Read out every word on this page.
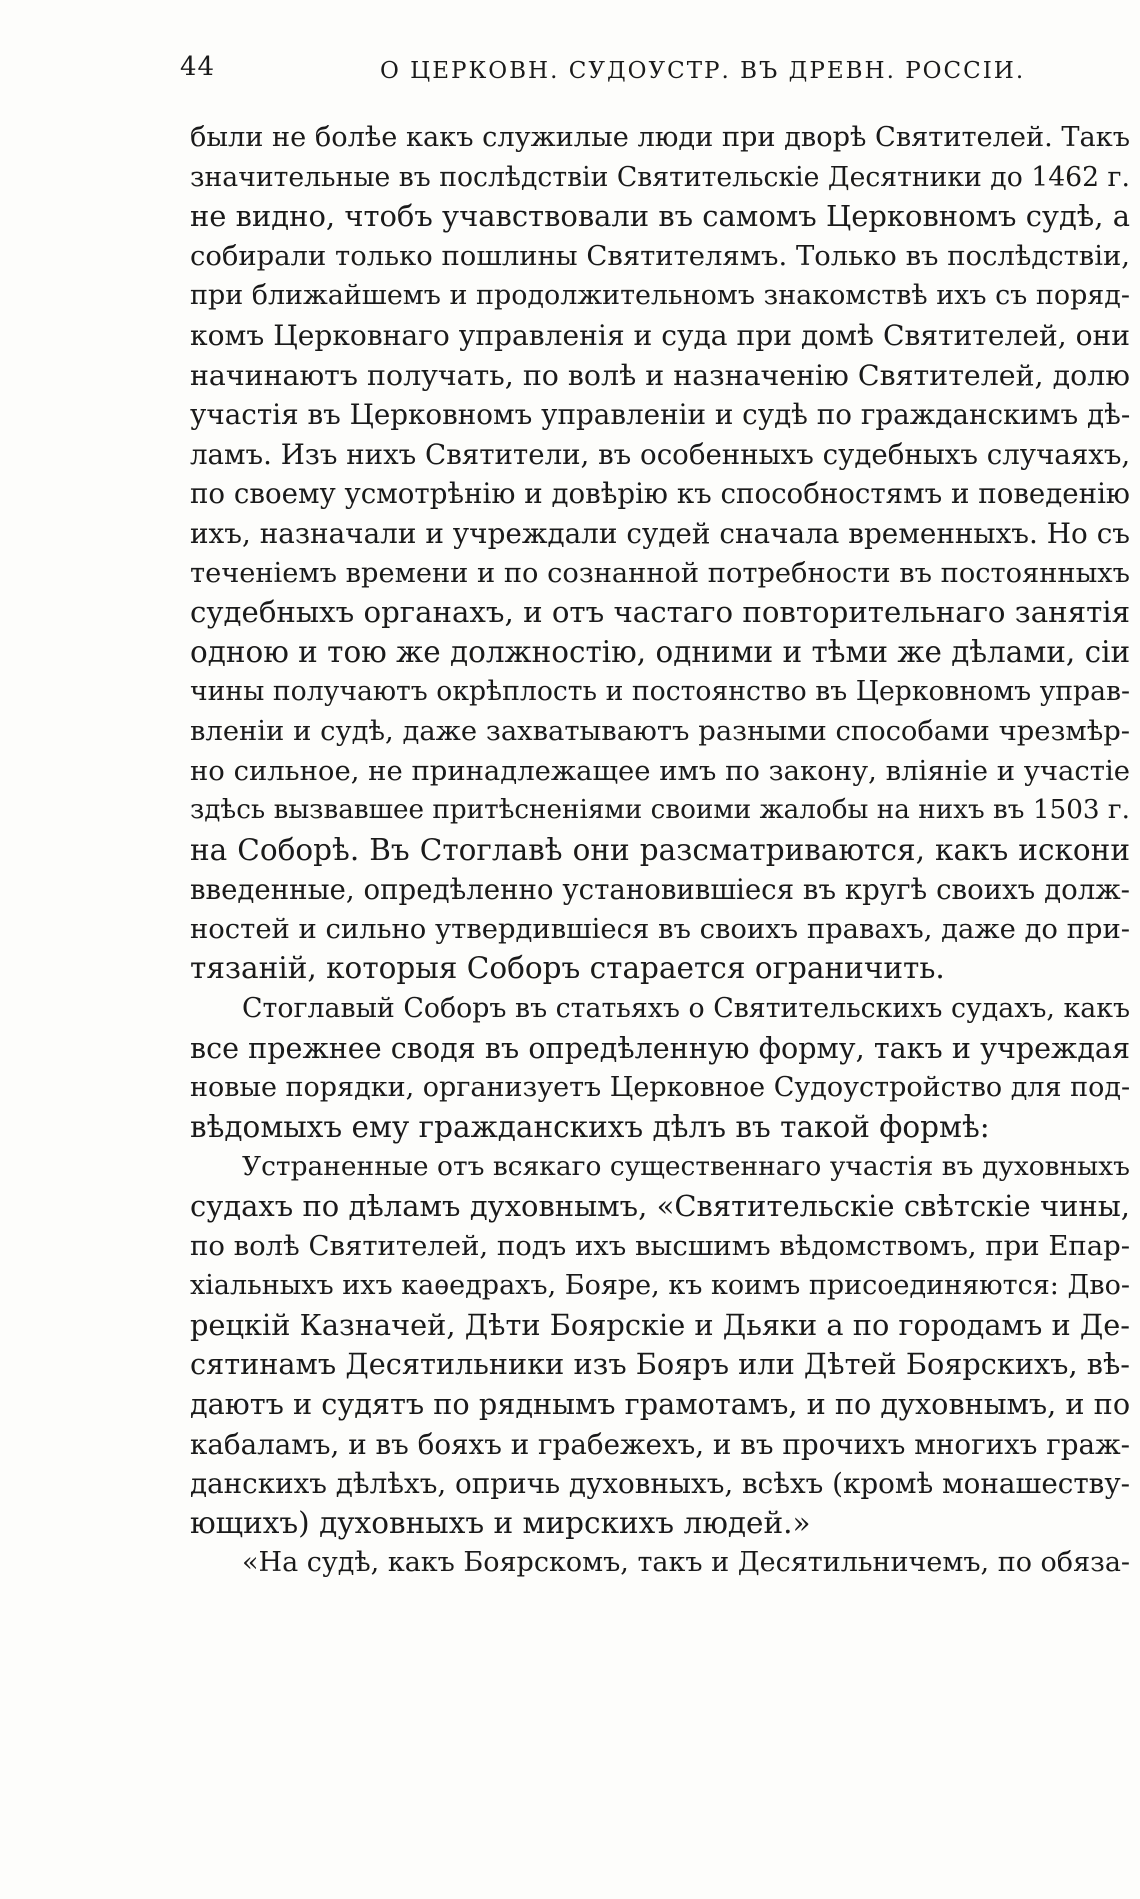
44	О ЦЕРКОВН. СУДОУСТР. ВЪ ДРЕВН. РОССІИ.
были не болѣе какъ служилые люди при дворѣ Святителей. Такъ
значительные въ послѣдствіи Святительскіе Десятники до 1462 г.
не видно, чтобъ учавствовали въ самомъ Церковномъ судѣ, а
собирали только пошлины Святителямъ. Только въ послѣдствіи,
при ближайшемъ и продолжительномъ знакомствѣ ихъ съ поряд-
комъ Церковнаго управленія и суда при домѣ Святителей, они
начинаютъ получать, по волѣ и назначенію Святителей, долю
участія въ Церковномъ управленіи и судѣ по гражданскимъ дѣ-
ламъ. Изъ нихъ Святители, въ особенныхъ судебныхъ случаяхъ,
по своему усмотрѣнію и довѣрію къ способностямъ и поведенію
ихъ, назначали и учреждали судей сначала временныхъ. Но съ
теченіемъ времени и по сознанной потребности въ постоянныхъ
судебныхъ органахъ, и отъ частаго повторительнаго занятія
одною и тою же должностію, одними и тѣми же дѣлами, сіи
чины получаютъ окрѣплость и постоянство въ Церковномъ управ-
вленіи и судѣ, даже захватываютъ разными способами чрезмѣр-
но сильное, не принадлежащее имъ по закону, вліяніе и участіе
здѣсь вызвавшее притѣсненіями своими жалобы на нихъ въ 1503 г.
на Соборѣ. Въ Стоглавѣ они разсматриваются, какъ искони
введенные, опредѣленно установившіеся въ кругѣ своихъ долж-
ностей и сильно утвердившіеся въ своихъ правахъ, даже до при-
тязаній, которыя Соборъ старается ограничить.
Стоглавый Соборъ въ статьяхъ о Святительскихъ судахъ, какъ
все прежнее сводя въ опредѣленную форму, такъ и учреждая
новые порядки, организуетъ Церковное Судоустройство для под-
вѣдомыхъ ему гражданскихъ дѣлъ въ такой формѣ:
Устраненные отъ всякаго существеннаго участія въ духовныхъ
судахъ по дѣламъ духовнымъ, «Святительскіе свѣтскіе чины,
по волѣ Святителей, подъ ихъ высшимъ вѣдомствомъ, при Епар-
хіальныхъ ихъ каѳедрахъ, Бояре, къ коимъ присоединяются: Дво-
рецкій Казначей, Дѣти Боярскіе и Дьяки а по городамъ и Де-
сятинамъ Десятильники изъ Бояръ или Дѣтей Боярскихъ, вѣ-
даютъ и судятъ по ряднымъ грамотамъ, и по духовнымъ, и по
кабаламъ, и въ бояхъ и грабежехъ, и въ прочихъ многихъ граж-
данскихъ дѣлѣхъ, опричь духовныхъ, всѣхъ (кромѣ монашеству-
ющихъ) духовныхъ и мирскихъ людей.»
«На судѣ, какъ Боярскомъ, такъ и Десятильничемъ, по обяза-
